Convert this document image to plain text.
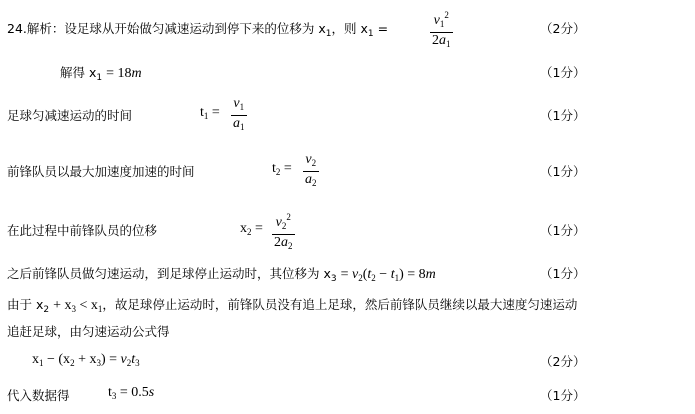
24.解析：设足球从开始做匀减速运动到停下来的位移为 $x_1$，则 $x_1$ =	$\frac{v_1^2}{2a_1}$	（2分）
解得 $x_1 = 18m$	（1分）
足球匀减速运动的时间	$t_1 = \frac{v_1}{a_1}$	（1分）
前锋队员以最大加速度加速的时间	$t_2 = \frac{v_2}{a_2}$	（1分）
在此过程中前锋队员的位移	$x_2 = \frac{v_2^2}{2a_2}$	（1分）
之后前锋队员做匀速运动，到足球停止运动时，其位移为 $x_3 = v_2(t_2 - t_1) = 8m$	（1分）
由于 $x_2 + x_3 < x_1$，故足球停止运动时，前锋队员没有追上足球，然后前锋队员继续以最大速度匀速运动
追赶足球，由匀速运动公式得
$x_1 - (x_2 + x_3) = v_2t_3$	（2分）
代入数据得	$t_3 = 0.5s$	（1分）
